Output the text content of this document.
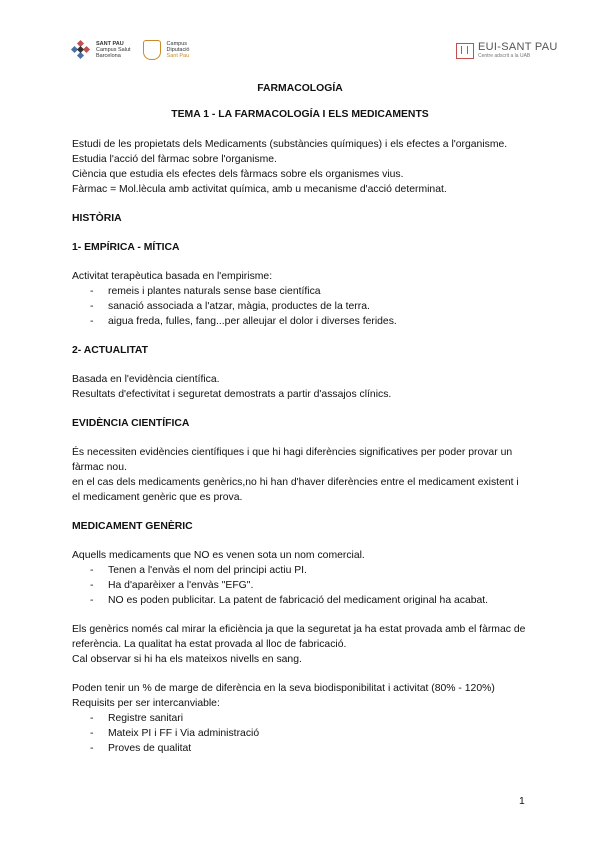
SANT PAU
Campus Salut
Barcelona
Campus
Diputació
Sant Pau
EUI-SANT PAU
Centre adscrit a la UAB

FARMACOLOGÍA

TEMA 1 - LA FARMACOLOGÍA I ELS MEDICAMENTS

Estudi de les propietats dels Medicaments (substàncies químiques) i els efectes a l'organisme.

Estudia l'acció del fàrmac sobre l'organisme.

Ciència que estudia els efectes dels fàrmacs sobre els organismes vius.

Fàrmac = Mol.lècula amb activitat química, amb u mecanisme d'acció determinat.

HISTÒRIA

1- EMPÍRICA - MÍTICA

Activitat terapèutica basada en l'empirisme:

- remeis i plantes naturals sense base científica
- sanació associada a l'atzar, màgia, productes de la terra.
- aigua freda, fulles, fang...per alleujar el dolor i diverses ferides.

2- ACTUALITAT

Basada en l'evidència científica.

Resultats d'efectivitat i seguretat demostrats a partir d'assajos clínics.

EVIDÈNCIA CIENTÍFICA

És necessiten evidències científiques i que hi hagi diferències significatives per poder provar un fàrmac nou.

en el cas dels medicaments genèrics,no hi han d'haver diferències entre el medicament existent i el medicament genèric que es prova.

MEDICAMENT GENÈRIC

Aquells medicaments que NO es venen sota un nom comercial.

- Tenen a l'envàs el nom del principi actiu PI.
- Ha d'aparèixer a l'envàs "EFG".
- NO es poden publicitar. La patent de fabricació del medicament original ha acabat.

Els genèrics només cal mirar la eficiència ja que la seguretat ja ha estat provada amb el fàrmac de referència. La qualitat ha estat provada al lloc de fabricació.

Cal observar si hi ha els mateixos nivells en sang.

Poden tenir un % de marge de diferència en la seva biodisponibilitat i activitat (80% - 120%)

Requisits per ser intercanviable:

- Registre sanitari
- Mateix PI i FF i Via administració
- Proves de qualitat
1
